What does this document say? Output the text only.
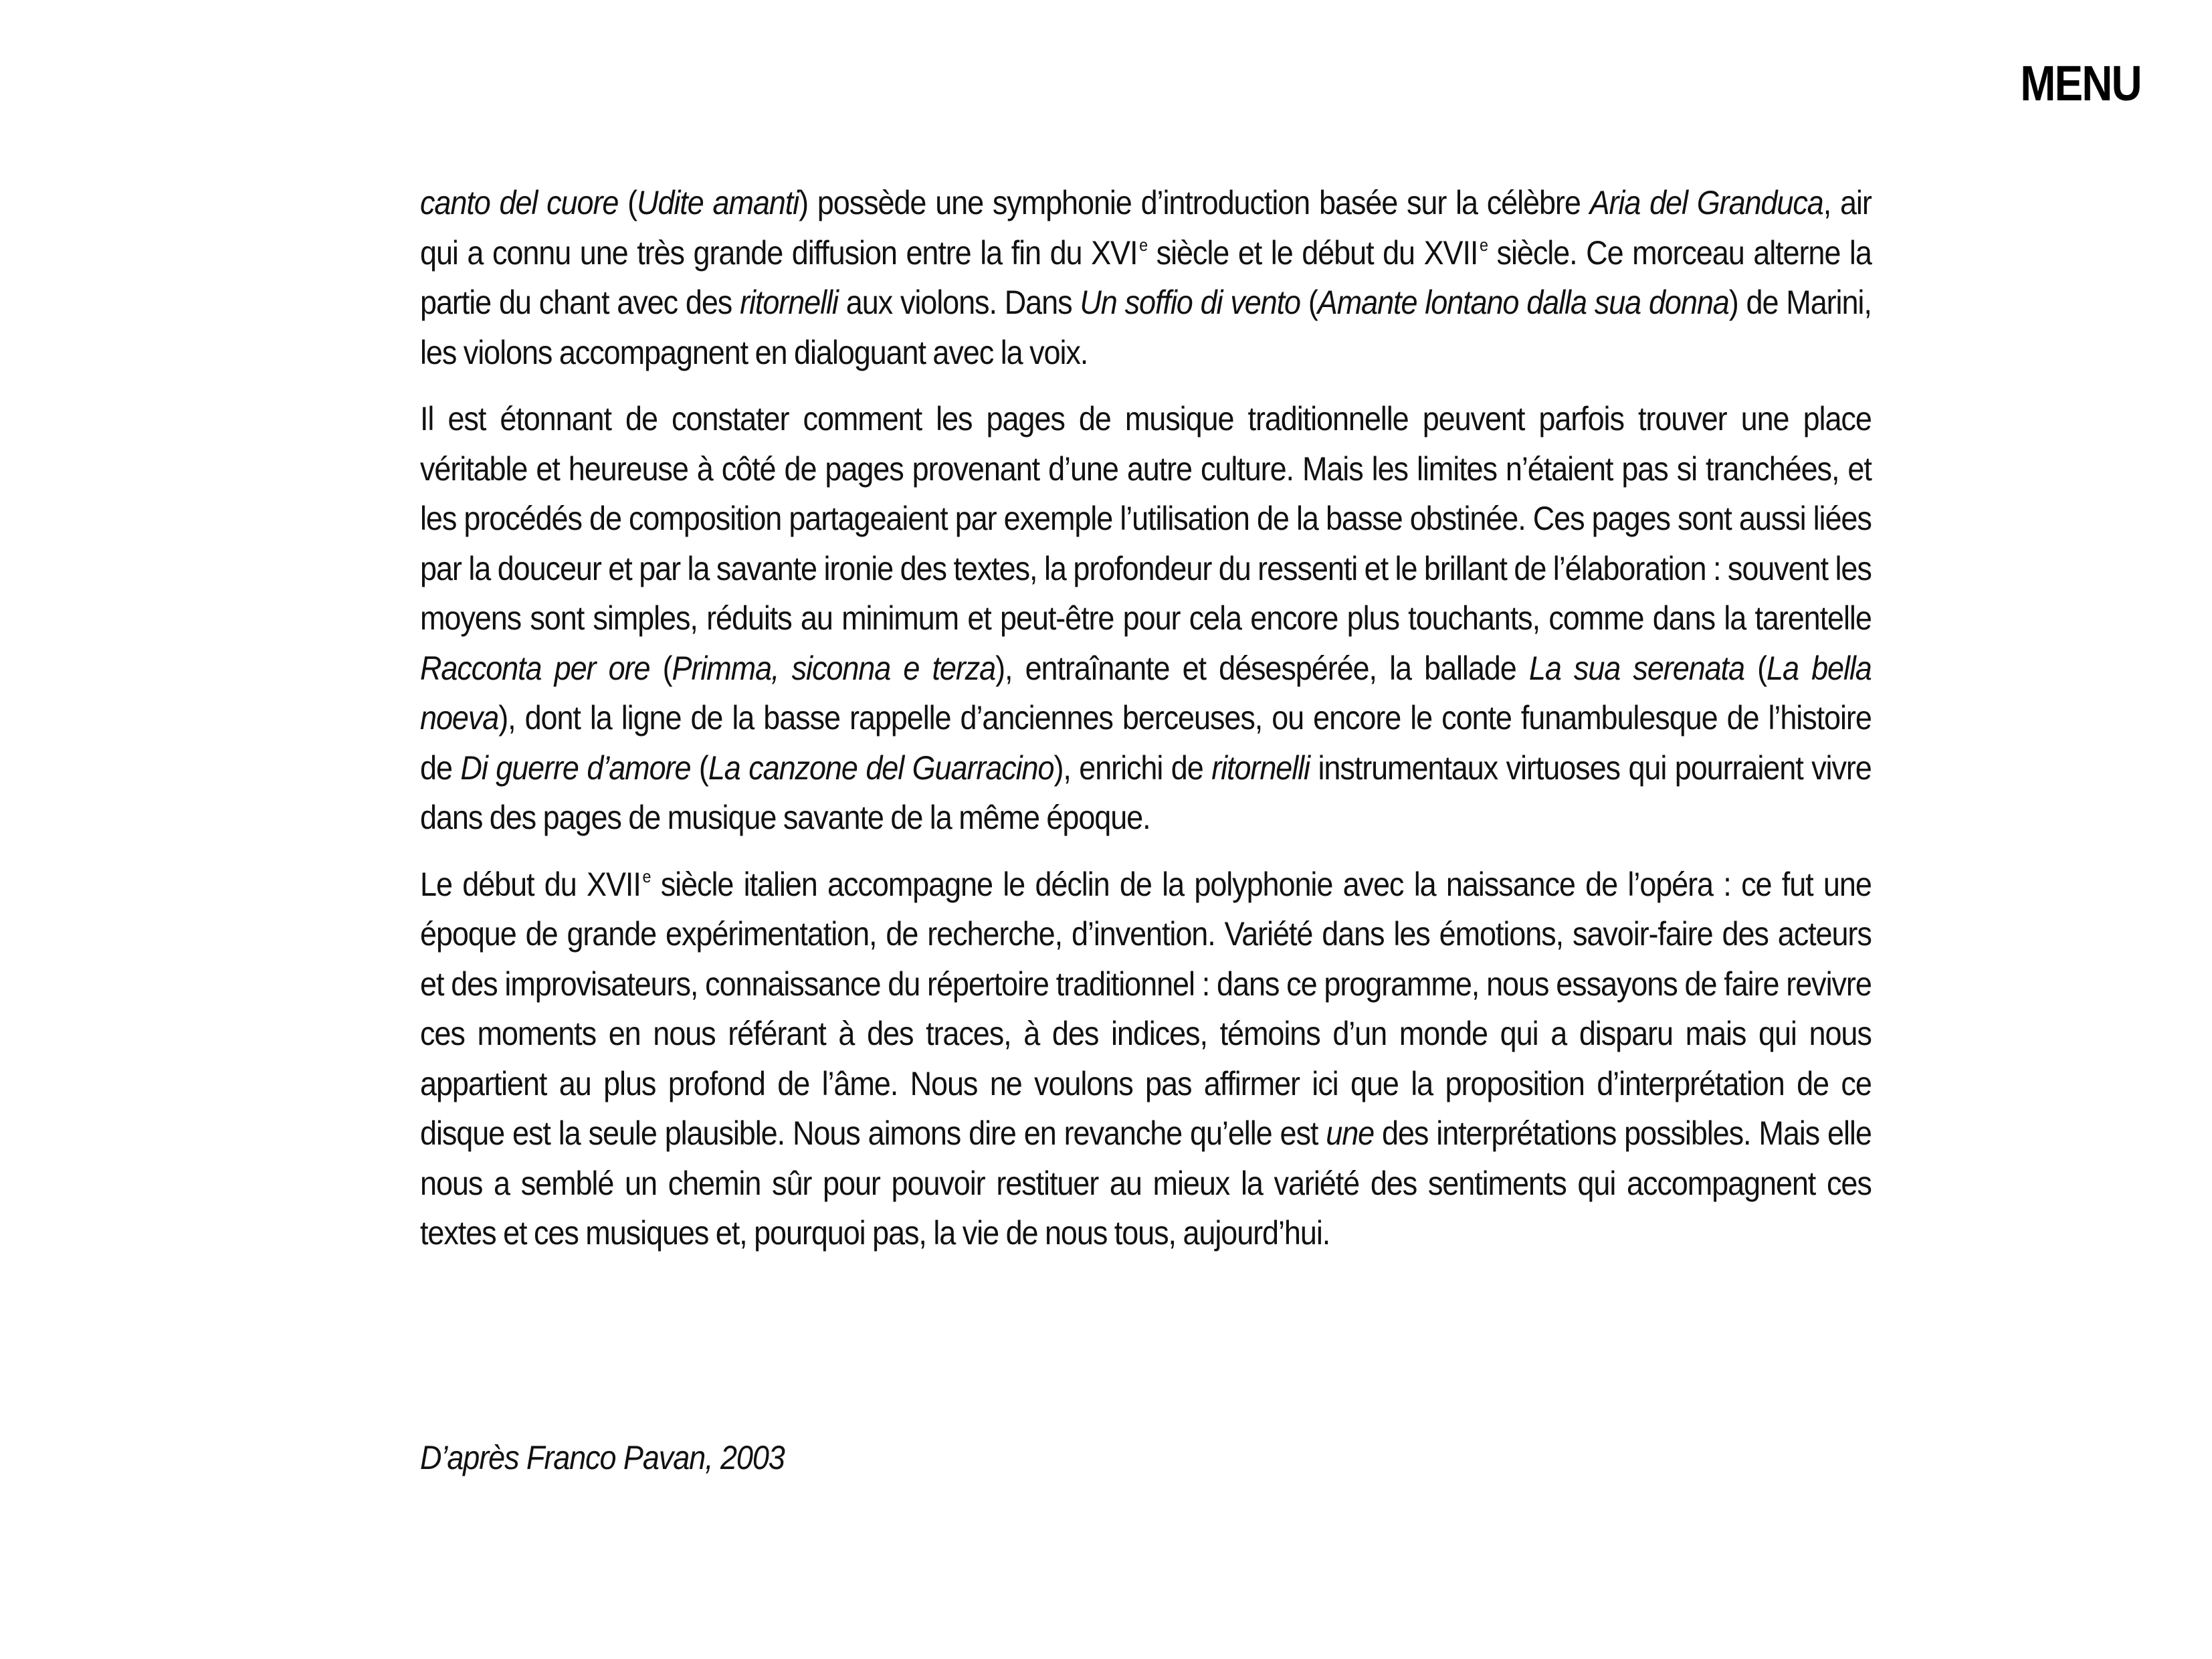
MENU

canto del cuore (Udite amanti) possède une symphonie d’introduction basée sur la célèbre Aria del Granduca, air qui a connu une très grande diffusion entre la fin du XVI $^e$ siècle et le début du XVII $^e$ siècle. Ce morceau alterne la partie du chant avec des ritornelli aux violons. Dans Un soffio di vento (Amante lontano dalla sua donna) de Marini, les violons accompagnent en dialoguant avec la voix.

Il est étonnant de constater comment les pages de musique traditionnelle peuvent parfois trouver une place véritable et heureuse à côté de pages provenant d’une autre culture. Mais les limites n’étaient pas si tranchées, et les procédés de composition partageaient par exemple l’utilisation de la basse obstinée. Ces pages sont aussi liées par la douceur et par la savante ironie des textes, la profondeur du ressenti et le brillant de l’élaboration : souvent les moyens sont simples, réduits au minimum et peut-être pour cela encore plus touchants, comme dans la tarentelle Racconta per ore (Primma, siconna e terza), entraînante et désespérée, la ballade La sua serenata (La bella noeva), dont la ligne de la basse rappelle d’anciennes berceuses, ou encore le conte funambulesque de l’histoire de Di guerre d’amore (La canzone del Guarracino), enrichi de ritornelli instrumentaux virtuoses qui pourraient vivre dans des pages de musique savante de la même époque.

Le début du XVII $^e$ siècle italien accompagne le déclin de la polyphonie avec la naissance de l’opéra : ce fut une époque de grande expérimentation, de recherche, d’invention. Variété dans les émotions, savoir-faire des acteurs et des improvisateurs, connaissance du répertoire traditionnel : dans ce programme, nous essayons de faire revivre ces moments en nous référant à des traces, à des indices, témoins d’un monde qui a disparu mais qui nous appartient au plus profond de l’âme. Nous ne voulons pas affirmer ici que la proposition d’interprétation de ce disque est la seule plausible. Nous aimons dire en revanche qu’elle est une des interprétations possibles. Mais elle nous a semblé un chemin sûr pour pouvoir restituer au mieux la variété des sentiments qui accompagnent ces textes et ces musiques et, pourquoi pas, la vie de nous tous, aujourd’hui.

D’après Franco Pavan, 2003
